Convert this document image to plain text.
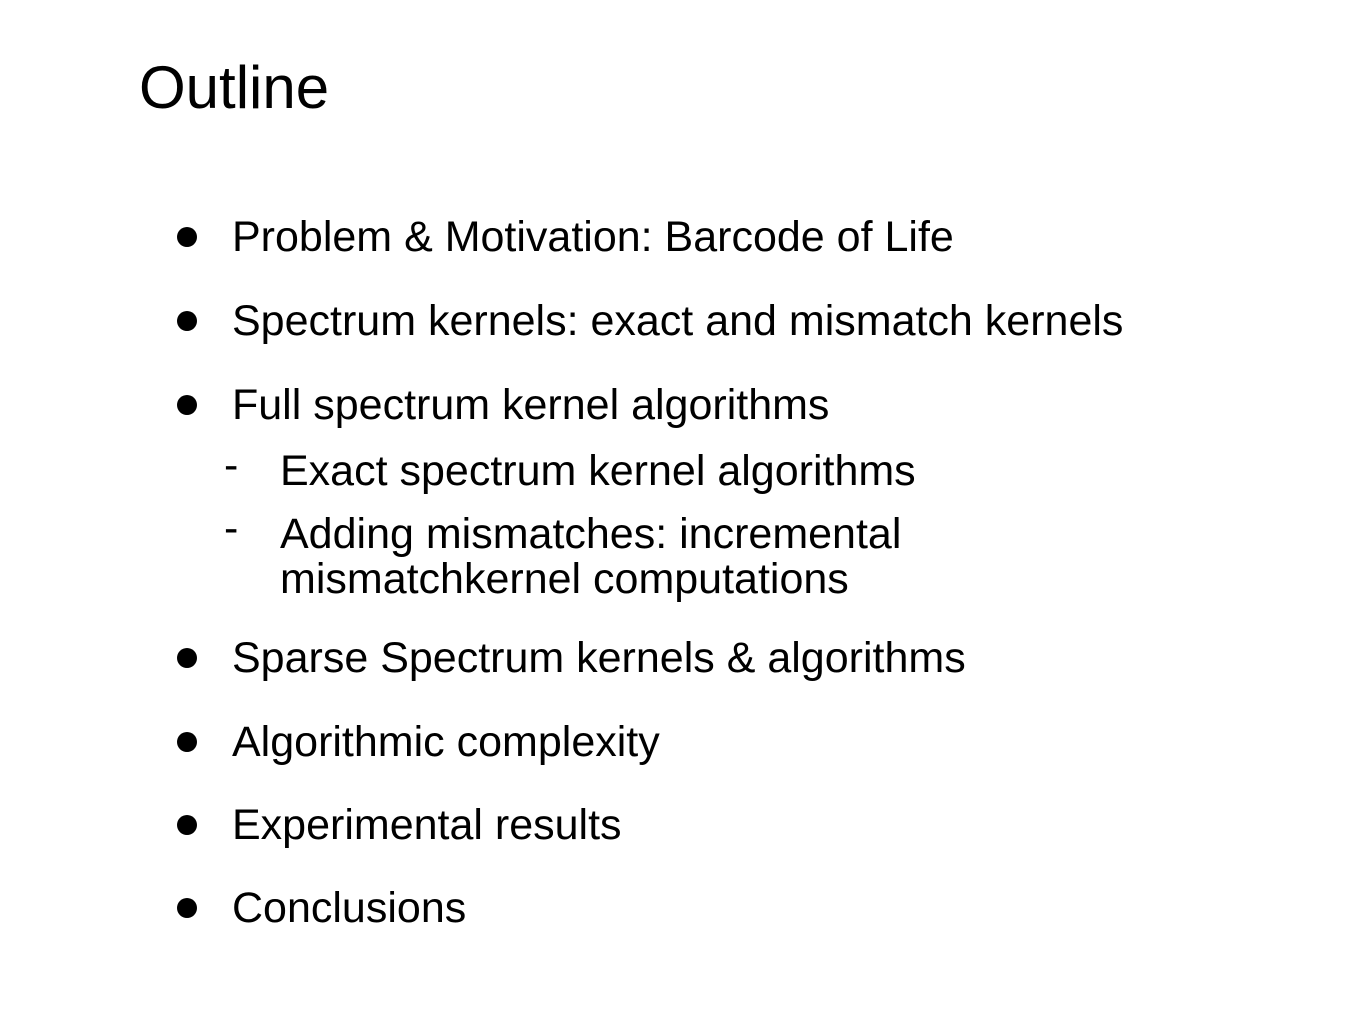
Outline
Problem & Motivation: Barcode of Life
Spectrum kernels: exact and mismatch kernels
Full spectrum kernel algorithms
- Exact spectrum kernel algorithms
- Adding mismatches: incremental
mismatchkernel computations
Sparse Spectrum kernels & algorithms
Algorithmic complexity
Experimental results
Conclusions
